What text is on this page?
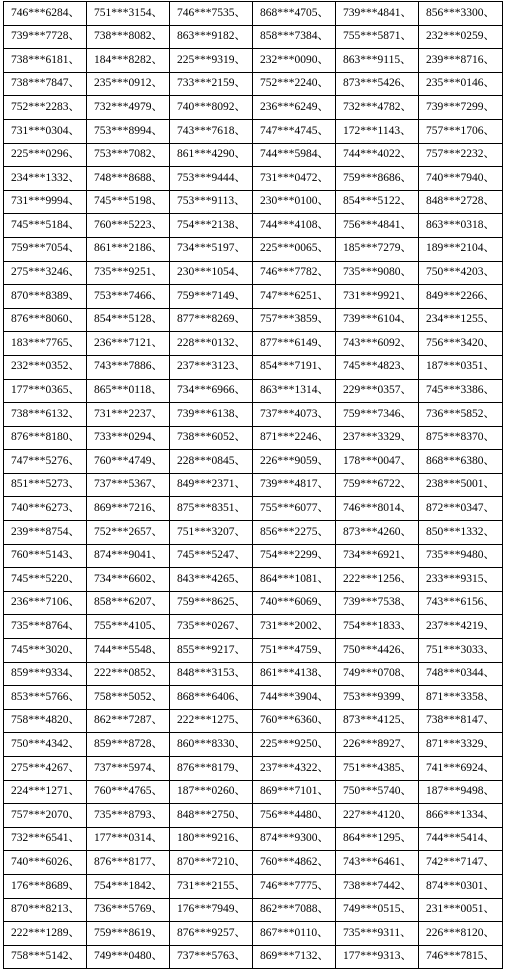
746***6284、	751***3154、	746***7535、	868***4705、	739***4841、	856***3300、
739***7728、	738***8082、	863***9182、	858***7384、	755***5871、	232***0259、
738***6181、	184***8282、	225***9319、	232***0090、	863***9115、	239***8716、
738***7847、	235***0912、	733***2159、	752***2240、	873***5426、	235***0146、
752***2283、	732***4979、	740***8092、	236***6249、	732***4782、	739***7299、
731***0304、	753***8994、	743***7618、	747***4745、	172***1143、	757***1706、
225***0296、	753***7082、	861***4290、	744***5984、	744***4022、	757***2232、
234***1332、	748***8688、	753***9444、	731***0472、	759***8686、	740***7940、
731***9994、	745***5198、	753***9113、	230***0100、	854***5122、	848***2728、
745***5184、	760***5223、	754***2138、	744***4108、	756***4841、	863***0318、
759***7054、	861***2186、	734***5197、	225***0065、	185***7279、	189***2104、
275***3246、	735***9251、	230***1054、	746***7782、	735***9080、	750***4203、
870***8389、	753***7466、	759***7149、	747***6251、	731***9921、	849***2266、
876***8060、	854***5128、	877***8269、	757***3859、	739***6104、	234***1255、
183***7765、	236***7121、	228***0132、	877***6149、	743***6092、	756***3420、
232***0352、	743***7886、	237***3123、	854***7191、	745***4823、	187***0351、
177***0365、	865***0118、	734***6966、	863***1314、	229***0357、	745***3386、
738***6132、	731***2237、	739***6138、	737***4073、	759***7346、	736***5852、
876***8180、	733***0294、	738***6052、	871***2246、	237***3329、	875***8370、
747***5276、	760***4749、	228***0845、	226***9059、	178***0047、	868***6380、
851***5273、	737***5367、	849***2371、	739***4817、	759***6722、	238***5001、
740***6273、	869***7216、	875***8351、	755***6077、	746***8014、	872***0347、
239***8754、	752***2657、	751***3207、	856***2275、	873***4260、	850***1332、
760***5143、	874***9041、	745***5247、	754***2299、	734***6921、	735***9480、
745***5220、	734***6602、	843***4265、	864***1081、	222***1256、	233***9315、
236***7106、	858***6207、	759***8625、	740***6069、	739***7538、	743***6156、
735***8764、	755***4105、	735***0267、	731***2002、	754***1833、	237***4219、
745***3020、	744***5548、	855***9217、	751***4759、	750***4426、	751***3033、
859***9334、	222***0852、	848***3153、	861***4138、	749***0708、	748***0344、
853***5766、	758***5052、	868***6406、	744***3904、	753***9399、	871***3358、
758***4820、	862***7287、	222***1275、	760***6360、	873***4125、	738***8147、
750***4342、	859***8728、	860***8330、	225***9250、	226***8927、	871***3329、
275***4267、	737***5974、	876***8179、	237***4322、	751***4385、	741***6924、
224***1271、	760***4765、	187***0260、	869***7101、	750***5740、	187***9498、
757***2070、	735***8793、	848***2750、	756***4480、	227***4120、	866***1334、
732***6541、	177***0314、	180***9216、	874***9300、	864***1295、	744***5414、
740***6026、	876***8177、	870***7210、	760***4862、	743***6461、	742***7147、
176***8689、	754***1842、	731***2155、	746***7775、	738***7442、	874***0301、
870***8213、	736***5769、	176***7949、	862***7088、	749***0515、	231***0051、
222***1289、	759***8619、	876***9257、	867***0110、	735***9311、	226***8120、
758***5142、	749***0480、	737***5763、	869***7132、	177***9313、	746***7815、
